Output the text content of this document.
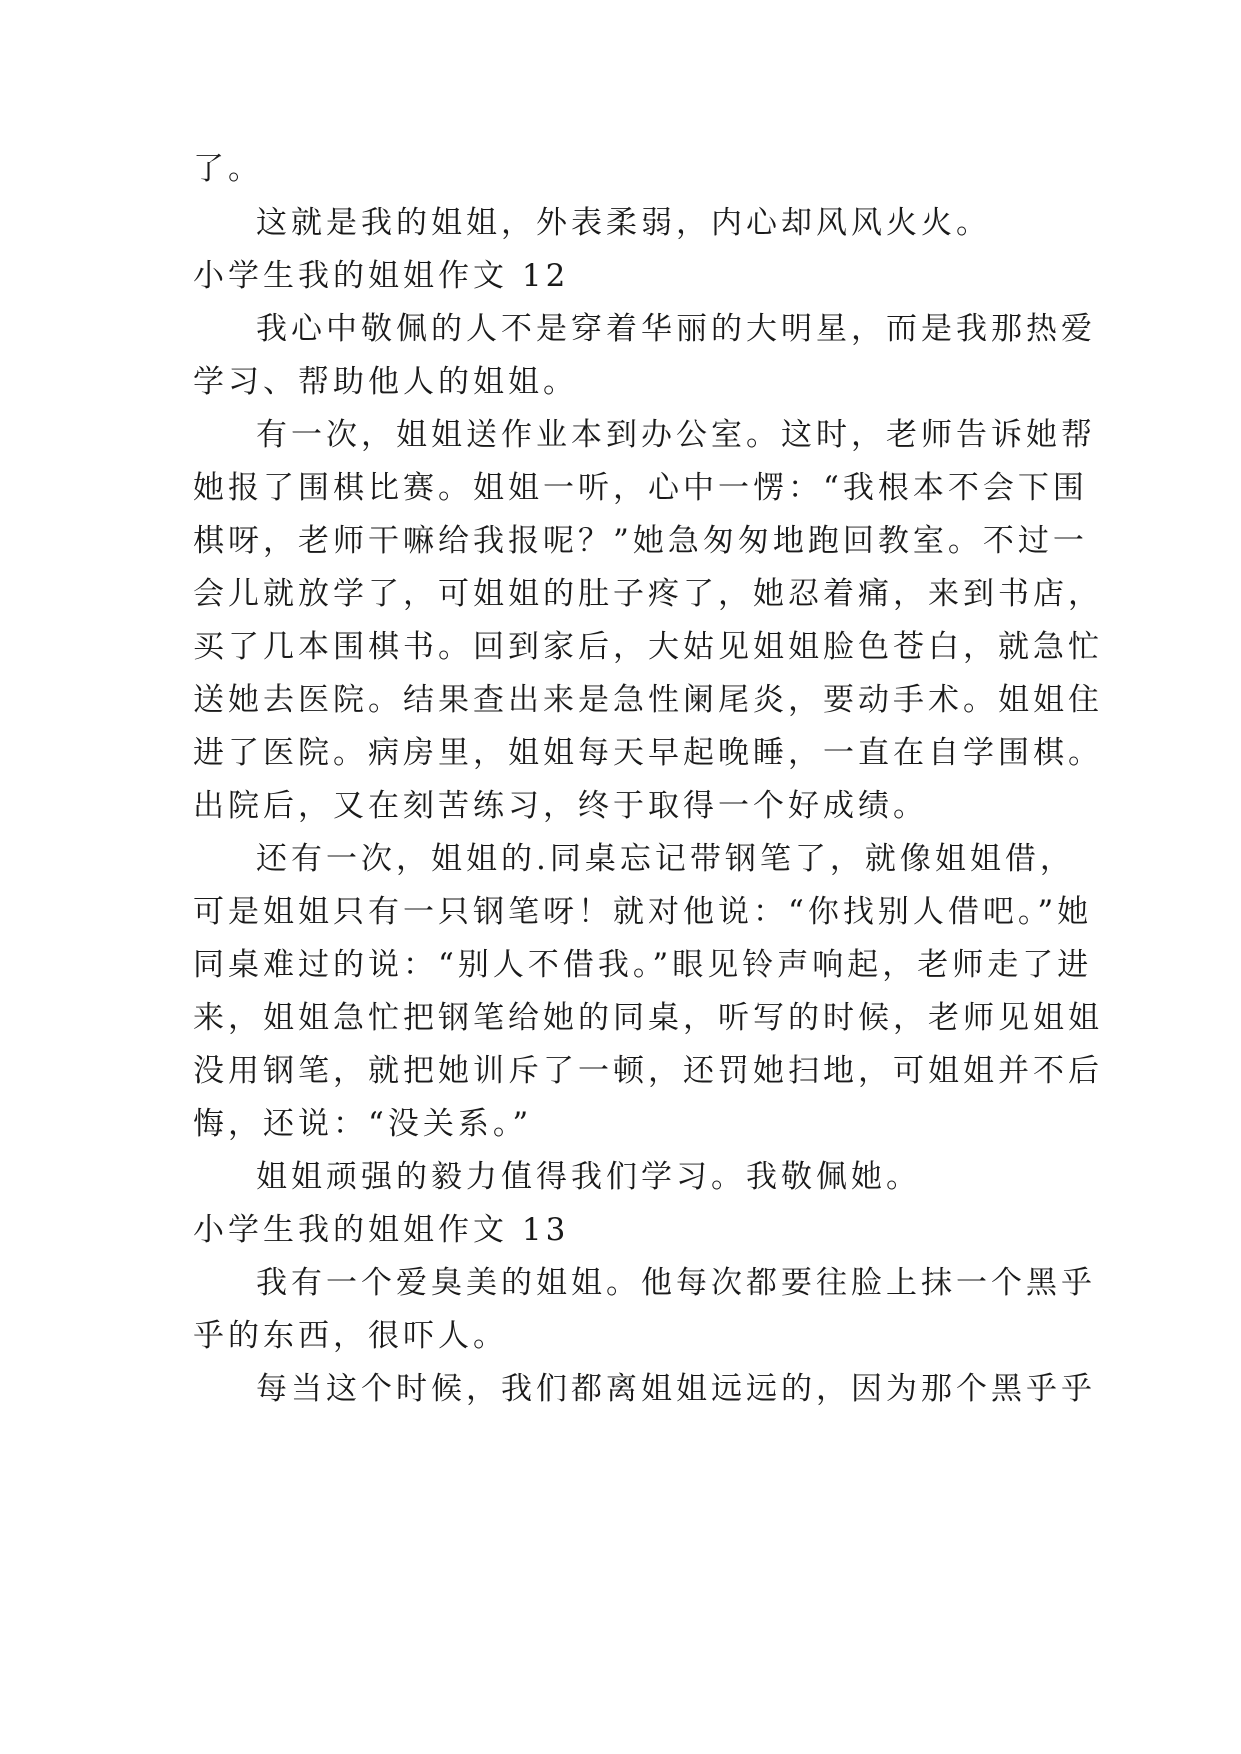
了。
这就是我的姐姐，外表柔弱，内心却风风火火。
小学生我的姐姐作文 12
我心中敬佩的人不是穿着华丽的大明星，而是我那热爱
学习、帮助他人的姐姐。
有一次，姐姐送作业本到办公室。这时，老师告诉她帮
她报了围棋比赛。姐姐一听，心中一愣：“我根本不会下围
棋呀，老师干嘛给我报呢？”她急匆匆地跑回教室。不过一
会儿就放学了，可姐姐的肚子疼了，她忍着痛，来到书店，
买了几本围棋书。回到家后，大姑见姐姐脸色苍白，就急忙
送她去医院。结果查出来是急性阑尾炎，要动手术。姐姐住
进了医院。病房里，姐姐每天早起晚睡，一直在自学围棋。
出院后，又在刻苦练习，终于取得一个好成绩。
还有一次，姐姐的.同桌忘记带钢笔了，就像姐姐借，
可是姐姐只有一只钢笔呀！就对他说：“你找别人借吧。”她
同桌难过的说：“别人不借我。”眼见铃声响起，老师走了进
来，姐姐急忙把钢笔给她的同桌，听写的时候，老师见姐姐
没用钢笔，就把她训斥了一顿，还罚她扫地，可姐姐并不后
悔，还说：“没关系。”
姐姐顽强的毅力值得我们学习。我敬佩她。
小学生我的姐姐作文 13
我有一个爱臭美的姐姐。他每次都要往脸上抹一个黑乎
乎的东西，很吓人。
每当这个时候，我们都离姐姐远远的，因为那个黑乎乎
